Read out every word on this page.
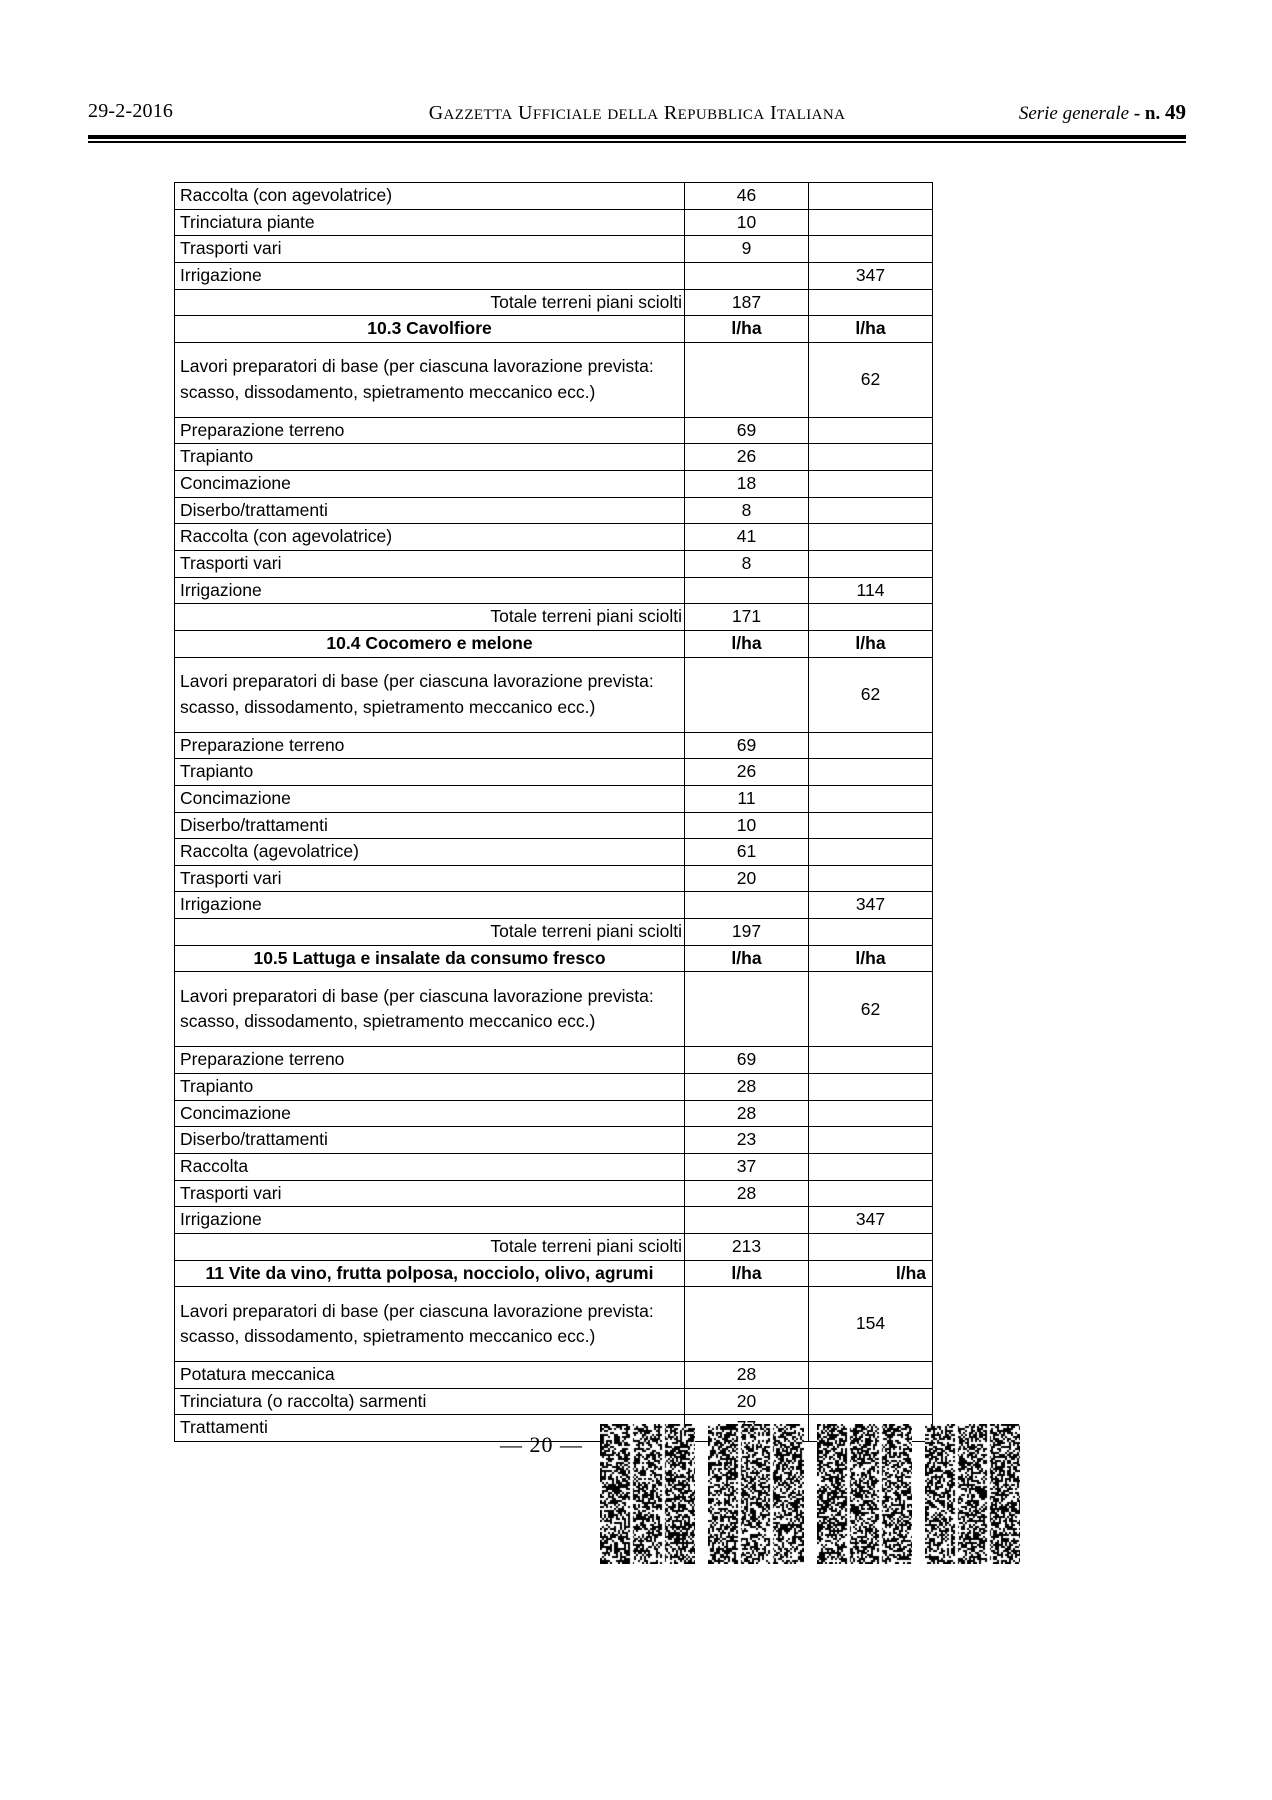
29-2-2016	GAZZETTA UFFICIALE DELLA REPUBBLICA ITALIANA	Serie generale - n. 49
Raccolta (con agevolatrice)	46	
Trinciatura piante	10	
Trasporti vari	9	
Irrigazione		347
Totale terreni piani sciolti	187	
10.3 Cavolfiore	l/ha	l/ha
Lavori preparatori di base (per ciascuna lavorazione prevista: scasso, dissodamento, spietramento meccanico ecc.)		62
Preparazione terreno	69	
Trapianto	26	
Concimazione	18	
Diserbo/trattamenti	8	
Raccolta (con agevolatrice)	41	
Trasporti vari	8	
Irrigazione		114
Totale terreni piani sciolti	171	
10.4 Cocomero e melone	l/ha	l/ha
Lavori preparatori di base (per ciascuna lavorazione prevista: scasso, dissodamento, spietramento meccanico ecc.)		62
Preparazione terreno	69	
Trapianto	26	
Concimazione	11	
Diserbo/trattamenti	10	
Raccolta (agevolatrice)	61	
Trasporti vari	20	
Irrigazione		347
Totale terreni piani sciolti	197	
10.5 Lattuga e insalate da consumo fresco	l/ha	l/ha
Lavori preparatori di base (per ciascuna lavorazione prevista: scasso, dissodamento, spietramento meccanico ecc.)		62
Preparazione terreno	69	
Trapianto	28	
Concimazione	28	
Diserbo/trattamenti	23	
Raccolta	37	
Trasporti vari	28	
Irrigazione		347
Totale terreni piani sciolti	213	
11 Vite da vino, frutta polposa, nocciolo, olivo, agrumi	l/ha	l/ha
Lavori preparatori di base (per ciascuna lavorazione prevista: scasso, dissodamento, spietramento meccanico ecc.)		154
Potatura meccanica	28	
Trinciatura (o raccolta) sarmenti	20	
Trattamenti		
— 20 —
